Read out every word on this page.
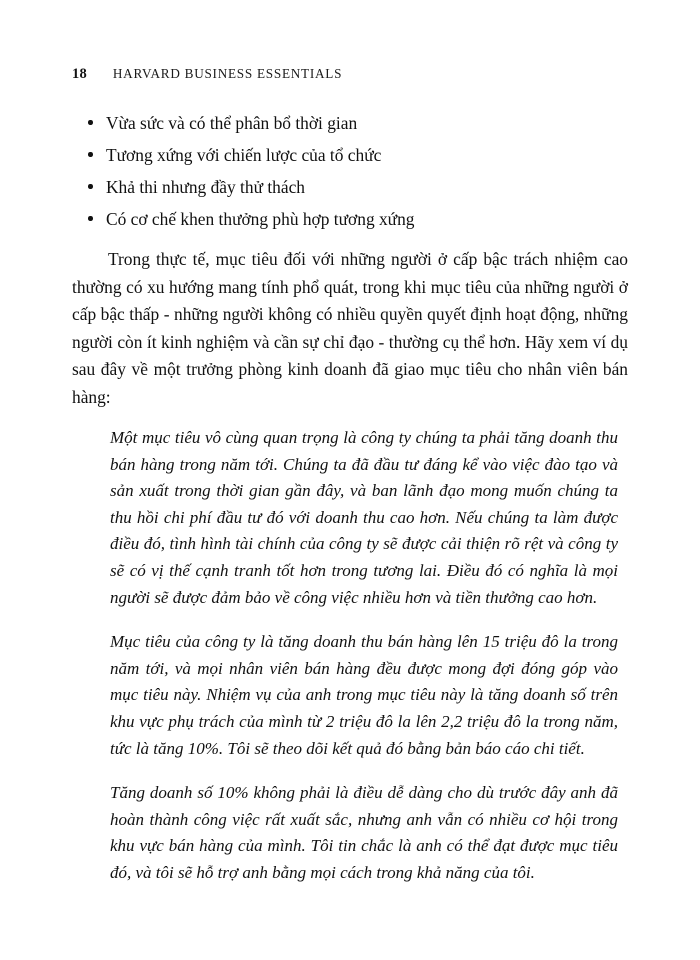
18 HARVARD BUSINESS ESSENTIALS
Vừa sức và có thể phân bổ thời gian
Tương xứng với chiến lược của tổ chức
Khả thi nhưng đầy thử thách
Có cơ chế khen thưởng phù hợp tương xứng

Trong thực tế, mục tiêu đối với những người ở cấp bậc trách nhiệm cao thường có xu hướng mang tính phổ quát, trong khi mục tiêu của những người ở cấp bậc thấp - những người không có nhiều quyền quyết định hoạt động, những người còn ít kinh nghiệm và cần sự chỉ đạo - thường cụ thể hơn. Hãy xem ví dụ sau đây về một trưởng phòng kinh doanh đã giao mục tiêu cho nhân viên bán hàng:

Một mục tiêu vô cùng quan trọng là công ty chúng ta phải tăng doanh thu bán hàng trong năm tới. Chúng ta đã đầu tư đáng kể vào việc đào tạo và sản xuất trong thời gian gần đây, và ban lãnh đạo mong muốn chúng ta thu hồi chi phí đầu tư đó với doanh thu cao hơn. Nếu chúng ta làm được điều đó, tình hình tài chính của công ty sẽ được cải thiện rõ rệt và công ty sẽ có vị thế cạnh tranh tốt hơn trong tương lai. Điều đó có nghĩa là mọi người sẽ được đảm bảo về công việc nhiều hơn và tiền thưởng cao hơn.

Mục tiêu của công ty là tăng doanh thu bán hàng lên 15 triệu đô la trong năm tới, và mọi nhân viên bán hàng đều được mong đợi đóng góp vào mục tiêu này. Nhiệm vụ của anh trong mục tiêu này là tăng doanh số trên khu vực phụ trách của mình từ 2 triệu đô la lên 2,2 triệu đô la trong năm, tức là tăng 10%. Tôi sẽ theo dõi kết quả đó bằng bản báo cáo chi tiết.

Tăng doanh số 10% không phải là điều dễ dàng cho dù trước đây anh đã hoàn thành công việc rất xuất sắc, nhưng anh vẫn có nhiều cơ hội trong khu vực bán hàng của mình. Tôi tin chắc là anh có thể đạt được mục tiêu đó, và tôi sẽ hỗ trợ anh bằng mọi cách trong khả năng của tôi.
